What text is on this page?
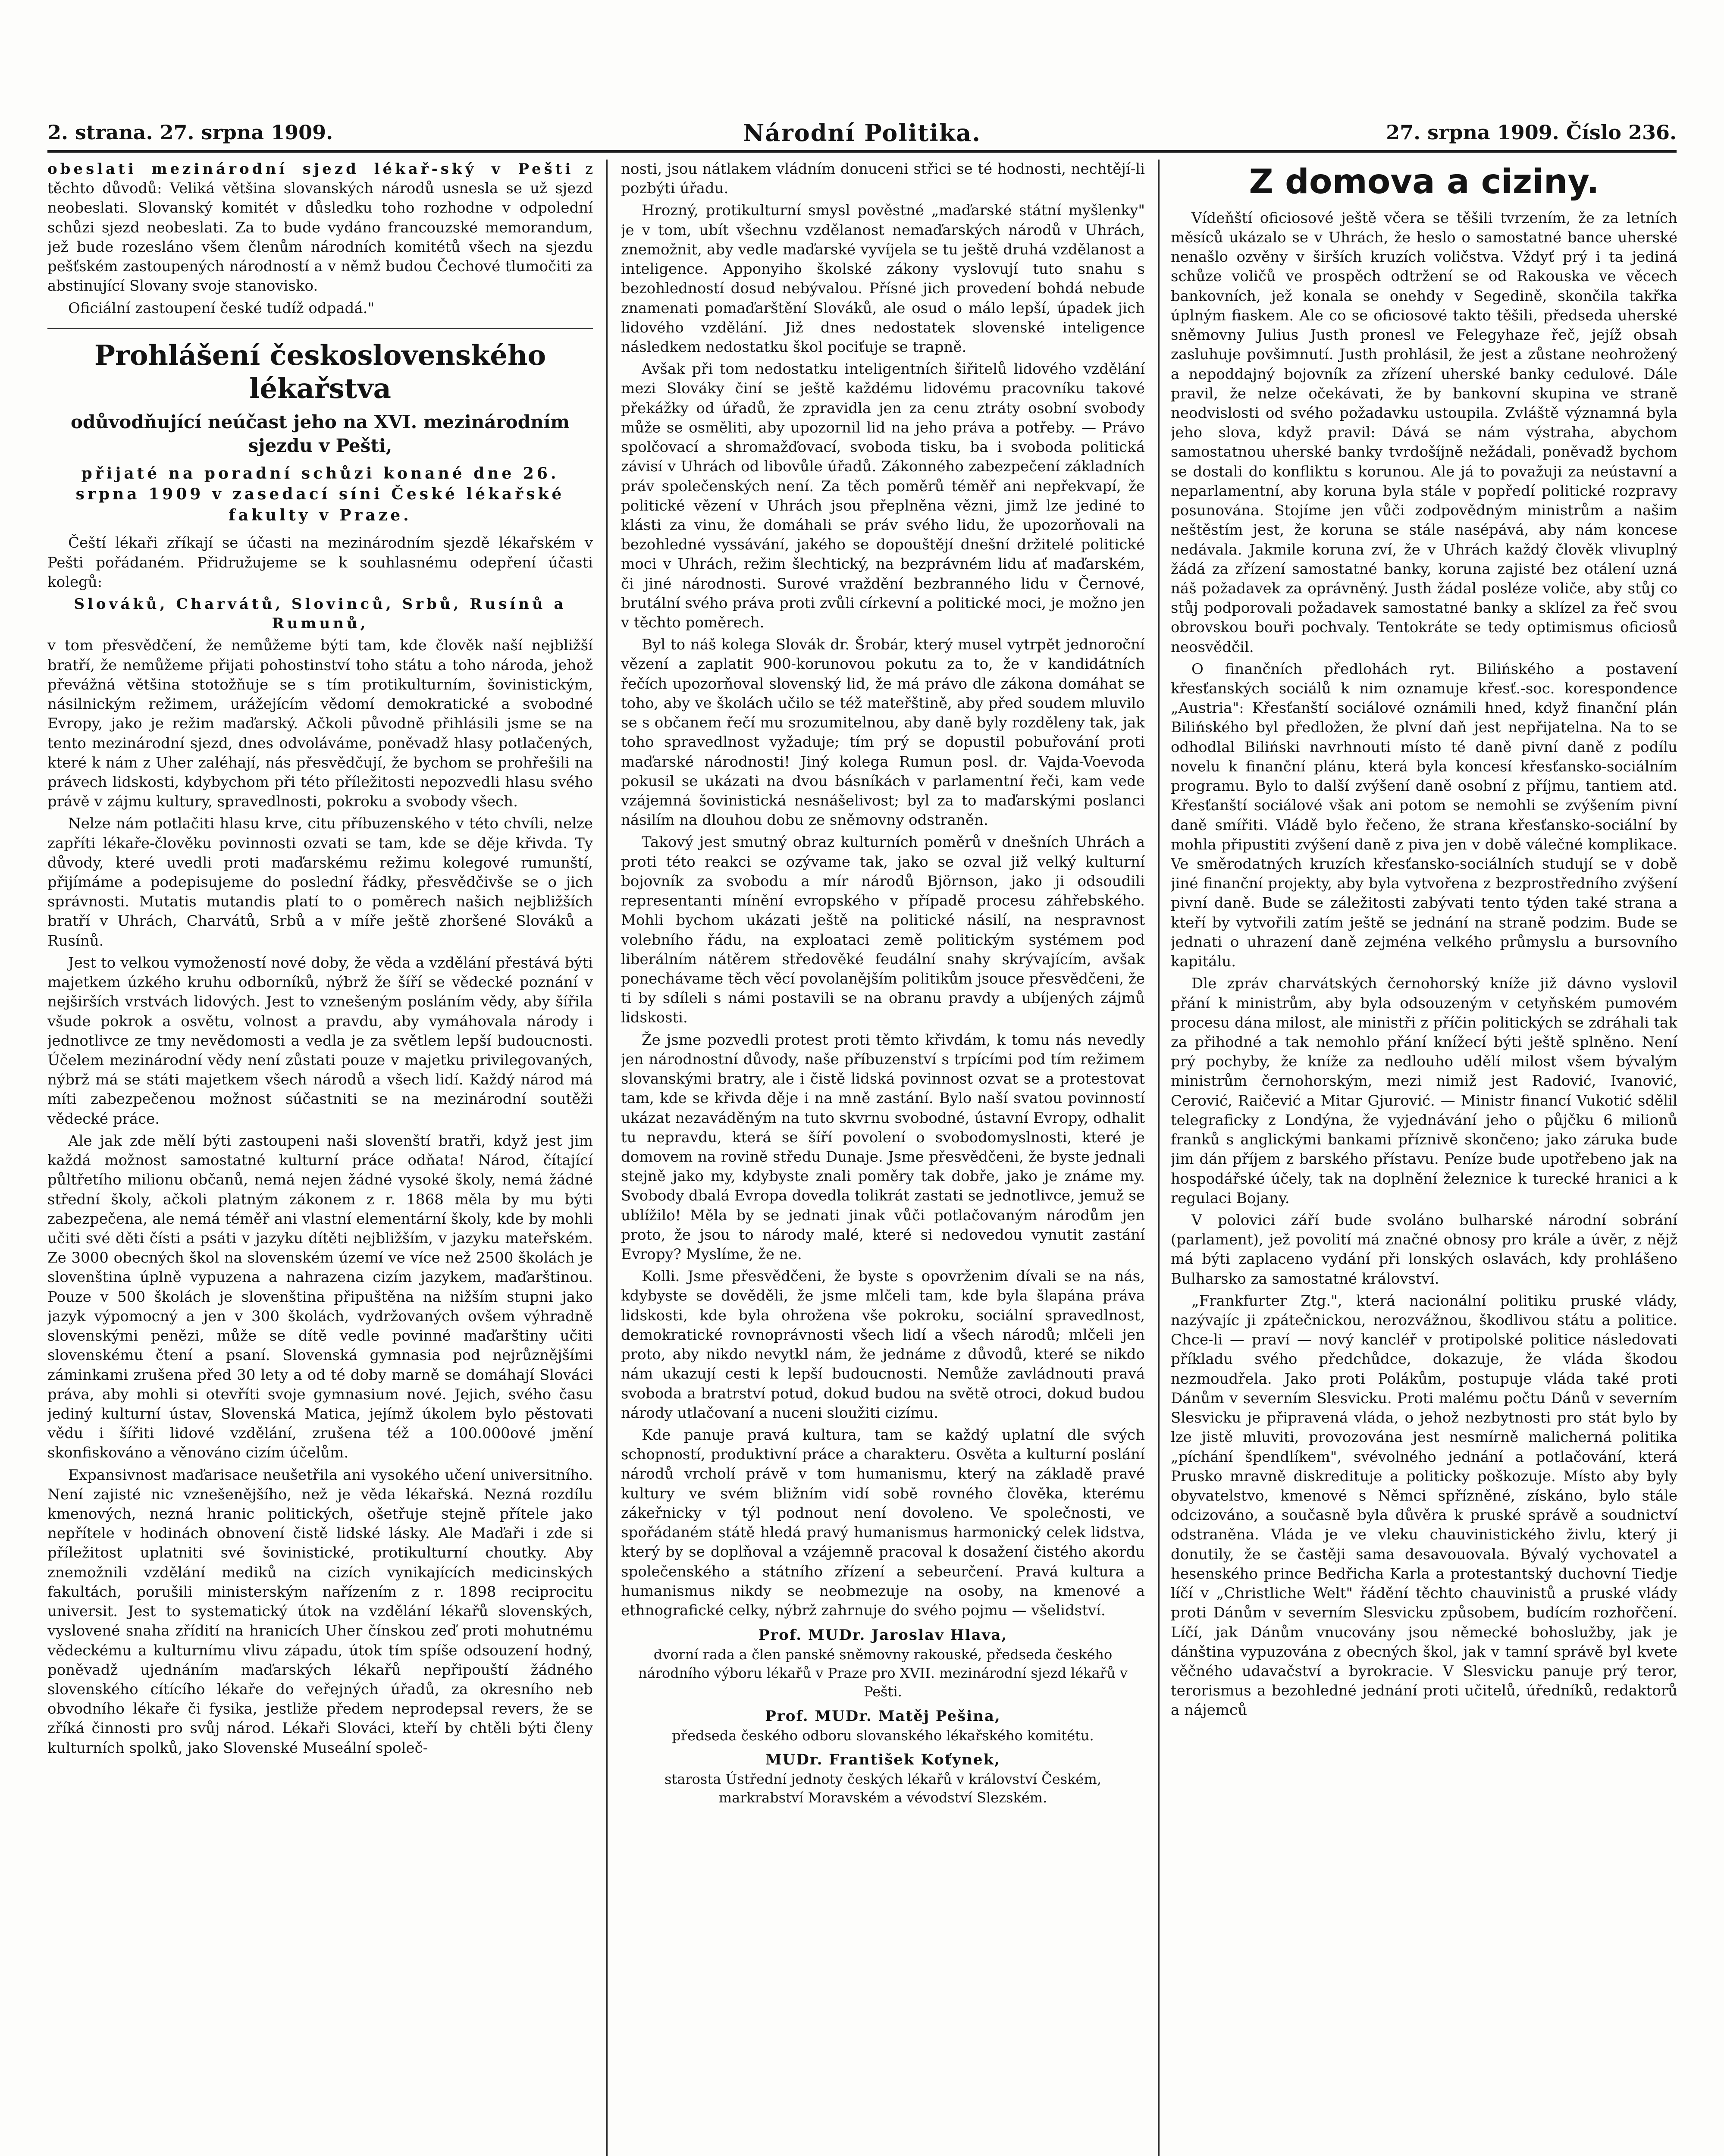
2. strana. 27. srpna 1909.	Národní Politika.	27. srpna 1909. Číslo 236.

obeslati mezinárodní sjezd lékař-ský v Pešti z těchto důvodů: Veliká většina slovanských národů usnesla se už sjezd neobeslati. Slovanský komitét v důsledku toho rozhodne v odpolední schůzi sjezd neobeslati. Za to bude vydáno francouzské memorandum, jež bude rozesláno všem členům národních komitétů všech na sjezdu pešťském zastoupených národností a v němž budou Čechové tlumočiti za abstinující Slovany svoje stanovisko.

Oficiální zastoupení české tudíž odpadá."

Prohlášení československého lékařstva
odůvodňující neúčast jeho na XVI. mezinárodním sjezdu v Pešti,
přijaté na poradní schůzi konané dne 26. srpna 1909 v zasedací síni České lékařské fakulty v Praze.

Čeští lékaři zříkají se účasti na mezinárodním sjezdě lékařském v Pešti pořádaném. Přidružujeme se k souhlasnému odepření účasti kolegů:

Slováků, Charvátů, Slovinců, Srbů, Rusínů a Rumunů,

v tom přesvědčení, že nemůžeme býti tam, kde člověk naší nejbližší bratří, že nemůžeme přijati pohostinství toho státu a toho národa, jehož převážná většina stotožňuje se s tím protikulturním, šovinistickým, násilnickým režimem, urážejícím vědomí demokratické a svobodné Evropy, jako je režim maďarský. Ačkoli původně přihlásili jsme se na tento mezinárodní sjezd, dnes odvoláváme, poněvadž hlasy potlačených, které k nám z Uher zaléhají, nás přesvědčují, že bychom se prohřešili na právech lidskosti, kdybychom při této příležitosti nepozvedli hlasu svého právě v zájmu kultury, spravedlnosti, pokroku a svobody všech.

Nelze nám potlačiti hlasu krve, citu příbuzenského v této chvíli, nelze zapříti lékaře-člověku povinnosti ozvati se tam, kde se děje křivda. Ty důvody, které uvedli proti maďarskému režimu kolegové rumunští, přijímáme a podepisujeme do poslední řádky, přesvědčivše se o jich správnosti. Mutatis mutandis platí to o poměrech našich nejbližších bratří v Uhrách, Charvátů, Srbů a v míře ještě zhoršené Slováků a Rusínů.

Jest to velkou vymožeností nové doby, že věda a vzdělání přestává býti majetkem úzkého kruhu odborníků, nýbrž že šíří se vědecké poznání v nejširších vrstvách lidových. Jest to vznešeným posláním vědy, aby šířila všude pokrok a osvětu, volnost a pravdu, aby vymáhovala národy i jednotlivce ze tmy nevědomosti a vedla je za světlem lepší budoucnosti. Účelem mezinárodní vědy není zůstati pouze v majetku privilegovaných, nýbrž má se státi majetkem všech národů a všech lidí. Každý národ má míti zabezpečenou možnost súčastniti se na mezinárodní soutěži vědecké práce.

Ale jak zde mělí býti zastoupeni naši slovenští bratři, když jest jim každá možnost samostatné kulturní práce odňata! Národ, čítající půltřetího milionu občanů, nemá nejen žádné vysoké školy, nemá žádné střední školy, ačkoli platným zákonem z r. 1868 měla by mu býti zabezpečena, ale nemá téměř ani vlastní elementární školy, kde by mohli učiti své děti čísti a psáti v jazyku dítěti nejbližším, v jazyku mateřském. Ze 3000 obecných škol na slovenském území ve více než 2500 školách je slovenština úplně vypuzena a nahrazena cizím jazykem, maďarštinou. Pouze v 500 školách je slovenština připuštěna na nižším stupni jako jazyk výpomocný a jen v 300 školách, vydržovaných ovšem výhradně slovenskými penězi, může se dítě vedle povinné maďarštiny učiti slovenskému čtení a psaní. Slovenská gymnasia pod nejrůznějšími záminkami zrušena před 30 lety a od té doby marně se domáhají Slováci práva, aby mohli si otevříti svoje gymnasium nové. Jejich, svého času jediný kulturní ústav, Slovenská Matica, jejímž úkolem bylo pěstovati vědu i šířiti lidové vzdělání, zrušena též a 100.000ové jmění skonfiskováno a věnováno cizím účelům.

Expansivnost maďarisace neušetřila ani vysokého učení universitního. Není zajisté nic vznešenějšího, než je věda lékařská. Nezná rozdílu kmenových, nezná hranic politických, ošetřuje stejně přítele jako nepřítele v hodinách obnovení čistě lidské lásky. Ale Maďaři i zde si příležitost uplatniti své šovinistické, protikulturní choutky. Aby znemožnili vzdělání mediků na cizích vynikajících medicinských fakultách, porušili ministerským nařízením z r. 1898 reciprocitu universit. Jest to systematický útok na vzdělání lékařů slovenských, vyslovené snaha zřídití na hranicích Uher čínskou zeď proti mohutnému vědeckému a kulturnímu vlivu západu, útok tím spíše odsouzení hodný, poněvadž ujednáním maďarských lékařů nepřipouští žádného slovenského cítícího lékaře do veřejných úřadů, za okresního neb obvodního lékaře či fysika, jestliže předem neprodepsal revers, že se zříká činnosti pro svůj národ. Lékaři Slováci, kteří by chtěli býti členy kulturních spolků, jako Slovenské Museální společ-

nosti, jsou nátlakem vládním donuceni střici se té hodnosti, nechtějí-li pozbýti úřadu.

Hrozný, protikulturní smysl pověstné „maďarské státní myšlenky" je v tom, ubít všechnu vzdělanost nemaďarských národů v Uhrách, znemožnit, aby vedle maďarské vyvíjela se tu ještě druhá vzdělanost a inteligence. Apponyiho školské zákony vyslovují tuto snahu s bezohledností dosud nebývalou. Přísné jich provedení bohdá nebude znamenati pomaďarštění Slováků, ale osud o málo lepší, úpadek jich lidového vzdělání. Již dnes nedostatek slovenské inteligence následkem nedostatku škol pociťuje se trapně.

Avšak při tom nedostatku inteligentních šiřitelů lidového vzdělání mezi Slováky činí se ještě každému lidovému pracovníku takové překážky od úřadů, že zpravidla jen za cenu ztráty osobní svobody může se osměliti, aby upozornil lid na jeho práva a potřeby. — Právo spolčovací a shromažďovací, svoboda tisku, ba i svoboda politická závisí v Uhrách od libovůle úřadů. Zákonného zabezpečení základních práv společenských není. Za těch poměrů téměř ani nepřekvapí, že politické vězení v Uhrách jsou přeplněna vězni, jimž lze jediné to klásti za vinu, že domáhali se práv svého lidu, že upozorňovali na bezohledné vyssávání, jakého se dopouštějí dnešní držitelé politické moci v Uhrách, režim šlechtický, na bezprávném lidu ať maďarském, či jiné národnosti. Surové vraždění bezbranného lidu v Černové, brutální svého práva proti zvůli církevní a politické moci, je možno jen v těchto poměrech.

Byl to náš kolega Slovák dr. Šrobár, který musel vytrpět jednoroční vězení a zaplatit 900-korunovou pokutu za to, že v kandidátních řečích upozorňoval slovenský lid, že má právo dle zákona domáhat se toho, aby ve školách učilo se též mateřštině, aby před soudem mluvilo se s občanem řečí mu srozumitelnou, aby daně byly rozděleny tak, jak toho spravedlnost vyžaduje; tím prý se dopustil pobuřování proti maďarské národnosti! Jiný kolega Rumun posl. dr. Vajda-Voevoda pokusil se ukázati na dvou básníkách v parlamentní řeči, kam vede vzájemná šovinistická nesnášelivost; byl za to maďarskými poslanci násilím na dlouhou dobu ze sněmovny odstraněn.

Takový jest smutný obraz kulturních poměrů v dnešních Uhrách a proti této reakci se ozývame tak, jako se ozval již velký kulturní bojovník za svobodu a mír národů Björnson, jako ji odsoudili representanti mínění evropského v případě procesu záhřebského. Mohli bychom ukázati ještě na politické násilí, na nespravnost volebního řádu, na exploataci země politickým systémem pod liberálním nátěrem středověké feudální snahy skrývajícím, avšak ponechávame těch věcí povolanějším politikům jsouce přesvědčeni, že ti by sdíleli s námi postavili se na obranu pravdy a ubíjených zájmů lidskosti.

Že jsme pozvedli protest proti těmto křivdám, k tomu nás nevedly jen národnostní důvody, naše příbuzenství s trpícími pod tím režimem slovanskými bratry, ale i čistě lidská povinnost ozvat se a protestovat tam, kde se křivda děje i na mně zastání. Bylo naší svatou povinností ukázat nezaváděným na tuto skvrnu svobodné, ústavní Evropy, odhalit tu nepravdu, která se šíří povolení o svobodomyslnosti, které je domovem na rovině středu Dunaje. Jsme přesvědčeni, že byste jednali stejně jako my, kdybyste znali poměry tak dobře, jako je známe my. Svobody dbalá Evropa dovedla tolikrát zastati se jednotlivce, jemuž se ublížilo! Měla by se jednati jinak vůči potlačovaným národům jen proto, že jsou to národy malé, které si nedovedou vynutit zastání Evropy? Myslíme, že ne.

Kolli. Jsme přesvědčeni, že byste s opovrženim dívali se na nás, kdybyste se dověděli, že jsme mlčeli tam, kde byla šlapána práva lidskosti, kde byla ohrožena vše pokroku, sociální spravedlnost, demokratické rovnoprávnosti všech lidí a všech národů; mlčeli jen proto, aby nikdo nevytkl nám, že jednáme z důvodů, které se nikdo nám ukazují cesti k lepší budoucnosti. Nemůže zavládnouti pravá svoboda a bratrství potud, dokud budou na světě otroci, dokud budou národy utlačovaní a nuceni sloužiti cizímu.

Kde panuje pravá kultura, tam se každý uplatní dle svých schopností, produktivní práce a charakteru. Osvěta a kulturní poslání národů vrcholí právě v tom humanismu, který na základě pravé kultury ve svém bližním vidí sobě rovného člověka, kterému zákeřnicky v týl podnout není dovoleno. Ve společnosti, ve spořádaném státě hledá pravý humanismus harmonický celek lidstva, který by se doplňoval a vzájemně pracoval k dosažení čistého akordu společenského a státního zřízení a sebeurčení. Pravá kultura a humanismus nikdy se neobmezuje na osoby, na kmenové a ethnografické celky, nýbrž zahrnuje do svého pojmu — všelidství.

Prof. MUDr. Jaroslav Hlava,
dvorní rada a člen panské sněmovny rakouské, předseda českého národního výboru lékařů v Praze pro XVII. mezinárodní sjezd lékařů v Pešti.
Prof. MUDr. Matěj Pešina,
předseda českého odboru slovanského lékařského komitétu.
MUDr. František Koťynek,
starosta Ústřední jednoty českých lékařů v království Českém, markrabství Moravském a vévodství Slezském.
Z domova a ciziny.

Vídeňští oficiosové ještě včera se těšili tvrzením, že za letních měsíců ukázalo se v Uhrách, že heslo o samostatné bance uherské nenašlo ozvěny v širších kruzích voličstva. Vždyť prý i ta jediná schůze voličů ve prospěch odtržení se od Rakouska ve věcech bankovních, jež konala se onehdy v Segedině, skončila takřka úplným fiaskem. Ale co se oficiosové takto těšili, předseda uherské sněmovny Julius Justh pronesl ve Felegyhaze řeč, jejíž obsah zasluhuje povšimnutí. Justh prohlásil, že jest a zůstane neohrožený a nepoddajný bojovník za zřízení uherské banky cedulové. Dále pravil, že nelze očekávati, že by bankovní skupina ve straně neodvislosti od svého požadavku ustoupila. Zvláště významná byla jeho slova, když pravil: Dává se nám výstraha, abychom samostatnou uherské banky tvrdošíjně nežádali, poněvadž bychom se dostali do konfliktu s korunou. Ale já to považuji za neústavní a neparlamentní, aby koruna byla stále v popředí politické rozpravy posunována. Stojíme jen vůči zodpovědným ministrům a našim neštěstím jest, že koruna se stále nasépává, aby nám koncese nedávala. Jakmile koruna zví, že v Uhrách každý člověk vlivuplný žádá za zřízení samostatné banky, koruna zajisté bez otálení uzná náš požadavek za oprávněný. Justh žádal posléze voliče, aby stůj co stůj podporovali požadavek samostatné banky a sklízel za řeč svou obrovskou bouři pochvaly. Tentokráte se tedy optimismus oficiosů neosvědčil.

O finančních předlohách ryt. Bilińského a postavení křesťanských sociálů k nim oznamuje křesť.-soc. korespondence „Austria": Křesťanští sociálové oznámili hned, když finanční plán Bilińského byl předložen, že plvní daň jest nepřijatelna. Na to se odhodlal Biliński navrhnouti místo té daně pivní daně z podílu novelu k finanční plánu, která byla koncesí křesťansko-sociálním programu. Bylo to další zvýšení daně osobní z příjmu, tantiem atd. Křesťanští sociálové však ani potom se nemohli se zvýšením pivní daně smířiti. Vládě bylo řečeno, že strana křesťansko-sociální by mohla připustiti zvýšení daně z piva jen v době válečné komplikace. Ve směrodatných kruzích křesťansko-sociálních studují se v době jiné finanční projekty, aby byla vytvořena z bezprostředního zvýšení pivní daně. Bude se záležitosti zabývati tento týden také strana a kteří by vytvořili zatím ještě se jednání na straně podzim. Bude se jednati o uhrazení daně zejména velkého průmyslu a bursovního kapitálu.

Dle zpráv charvátských černohorský kníže již dávno vyslovil přání k ministrům, aby byla odsouzeným v cetyňském pumovém procesu dána milost, ale ministři z příčin politických se zdráhali tak za přihodné a tak nemohlo přání knížecí býti ještě splněno. Není prý pochyby, že kníže za nedlouho udělí milost všem bývalým ministrům černohorským, mezi nimiž jest Radović, Ivanović, Cerović, Raičević a Mitar Gjurović. — Ministr financí Vukotić sdělil telegraficky z Londýna, že vyjednávání jeho o půjčku 6 milionů franků s anglickými bankami příznivě skončeno; jako záruka bude jim dán příjem z barského přístavu. Peníze bude upotřebeno jak na hospodářské účely, tak na doplnění železnice k turecké hranici a k regulaci Bojany.

V polovici září bude svoláno bulharské národní sobrání (parlament), jež povolití má značné obnosy pro krále a úvěr, z nějž má býti zaplaceno vydání při lonských oslavách, kdy prohlášeno Bulharsko za samostatné království.

„Frankfurter Ztg.", která nacionální politiku pruské vlády, nazývajíc ji zpátečnickou, nerozvážnou, škodlivou státu a politice. Chce-li — praví — nový kancléř v protipolské politice následovati příkladu svého předchůdce, dokazuje, že vláda škodou nezmoudřela. Jako proti Polákům, postupuje vláda také proti Dánům v severním Slesvicku. Proti malému počtu Dánů v severním Slesvicku je připravená vláda, o jehož nezbytnosti pro stát bylo by lze jistě mluviti, provozována jest nesmírně malicherná politika „píchání špendlíkem", svévolného jednání a potlačování, která Prusko mravně diskredituje a politicky poškozuje. Místo aby byly obyvatelstvo, kmenové s Němci spřízněné, získáno, bylo stále odcizováno, a současně byla důvěra k pruské správě a soudnictví odstraněna. Vláda je ve vleku chauvinistického živlu, který ji donutily, že se častěji sama desavouovala. Bývalý vychovatel a hesenského prince Bedřicha Karla a protestantský duchovní Tiedje líčí v „Christliche Welt" řádění těchto chauvinistů a pruské vlády proti Dánům v severním Slesvicku způsobem, budícím rozhořčení. Líčí, jak Dánům vnucovány jsou německé bohoslužby, jak je dánština vypuzována z obecných škol, jak v tamní správě byl kvete věčného udavačství a byrokracie. V Slesvicku panuje prý teror, terorismus a bezohledné jednání proti učitelů, úředníků, redaktorů a nájemců
